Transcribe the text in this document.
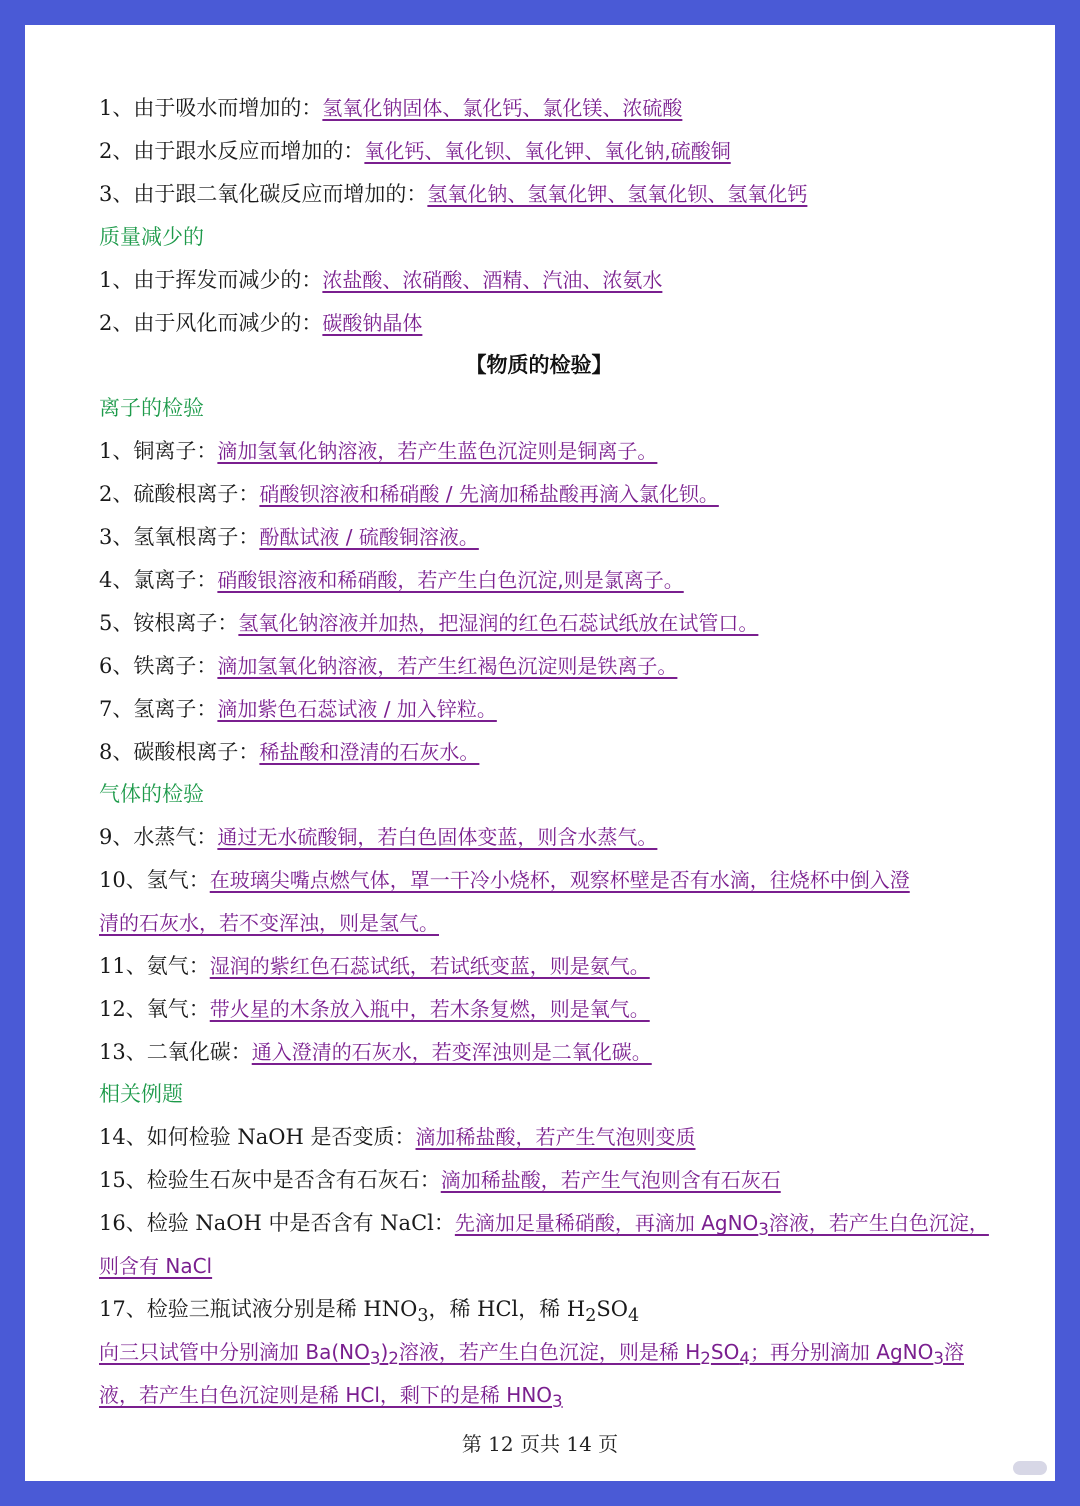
1、由于吸水而增加的：氢氧化钠固体、氯化钙、氯化镁、浓硫酸
2、由于跟水反应而增加的：氧化钙、氧化钡、氧化钾、氧化钠,硫酸铜
3、由于跟二氧化碳反应而增加的：氢氧化钠、氢氧化钾、氢氧化钡、氢氧化钙
质量减少的
1、由于挥发而减少的：浓盐酸、浓硝酸、酒精、汽油、浓氨水
2、由于风化而减少的：碳酸钠晶体
【物质的检验】
离子的检验
1、铜离子：滴加氢氧化钠溶液，若产生蓝色沉淀则是铜离子。
2、硫酸根离子：硝酸钡溶液和稀硝酸 / 先滴加稀盐酸再滴入氯化钡。
3、氢氧根离子：酚酞试液 / 硫酸铜溶液。
4、氯离子：硝酸银溶液和稀硝酸，若产生白色沉淀,则是氯离子。
5、铵根离子：氢氧化钠溶液并加热，把湿润的红色石蕊试纸放在试管口。
6、铁离子：滴加氢氧化钠溶液，若产生红褐色沉淀则是铁离子。
7、氢离子：滴加紫色石蕊试液 / 加入锌粒。
8、碳酸根离子：稀盐酸和澄清的石灰水。
气体的检验
9、水蒸气：通过无水硫酸铜，若白色固体变蓝，则含水蒸气。
10、氢气：在玻璃尖嘴点燃气体，罩一干冷小烧杯，观察杯壁是否有水滴，往烧杯中倒入澄
清的石灰水，若不变浑浊，则是氢气。
11、氨气：湿润的紫红色石蕊试纸，若试纸变蓝，则是氨气。
12、氧气：带火星的木条放入瓶中，若木条复燃，则是氧气。
13、二氧化碳：通入澄清的石灰水，若变浑浊则是二氧化碳。
相关例题
14、如何检验 NaOH 是否变质：滴加稀盐酸，若产生气泡则变质
15、检验生石灰中是否含有石灰石：滴加稀盐酸，若产生气泡则含有石灰石
16、检验 NaOH 中是否含有 NaCl：先滴加足量稀硝酸，再滴加 AgNO$_3$溶液，若产生白色沉淀，
则含有 NaCl
17、检验三瓶试液分别是稀 $HNO_3$，稀 HCl，稀 $H_2SO_4$
向三只试管中分别滴加 $Ba(NO_3)_2$溶液，若产生白色沉淀，则是稀 $H_2SO_4$；再分别滴加 AgNO$_3$溶
液，若产生白色沉淀则是稀 HCl，剩下的是稀 $HNO_3$
第 12 页共 14 页
